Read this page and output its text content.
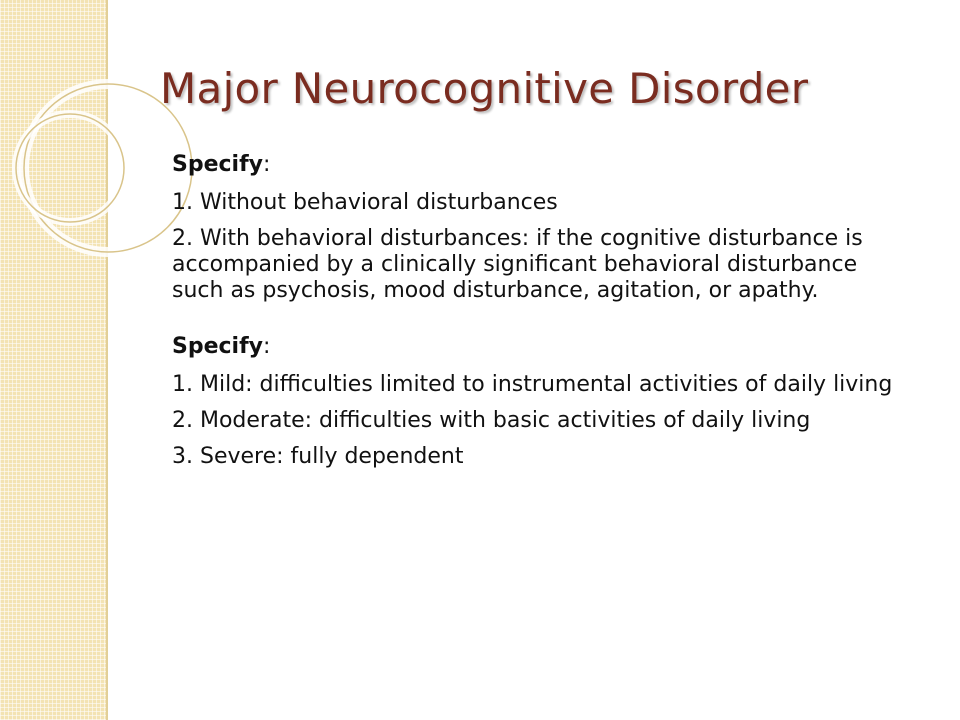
Major Neurocognitive Disorder

Specify:

1. Without behavioral disturbances

2. With behavioral disturbances: if the cognitive disturbance is accompanied by a clinically significant behavioral disturbance such as psychosis, mood disturbance, agitation, or apathy.

Specify:

1. Mild: difficulties limited to instrumental activities of daily living

2. Moderate: difficulties with basic activities of daily living

3. Severe: fully dependent
